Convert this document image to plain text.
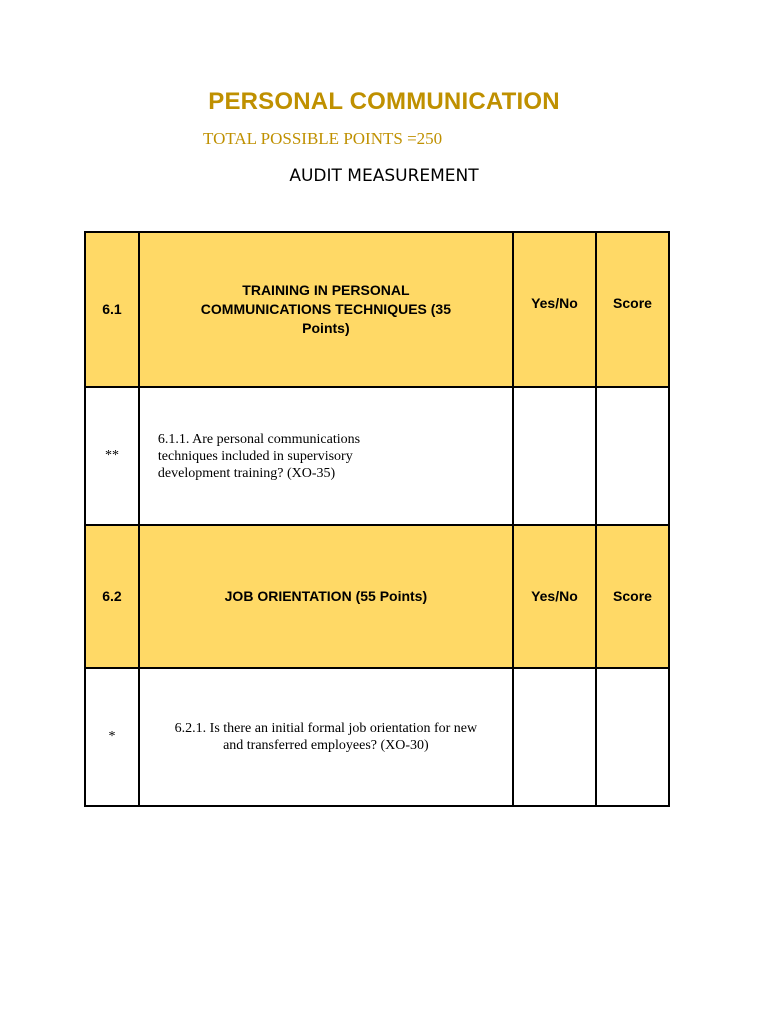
PERSONAL COMMUNICATION
TOTAL POSSIBLE POINTS =250
AUDIT MEASUREMENT
6.1	TRAINING IN PERSONAL COMMUNICATIONS TECHNIQUES (35 Points)	Yes/No	Score
**	6.1.1. Are personal communications techniques included in supervisory development training? (XO-35)		

6.2	JOB ORIENTATION (55 Points)	Yes/No	Score
*	6.2.1. Is there an initial formal job orientation for new and transferred employees? (XO-30)		
